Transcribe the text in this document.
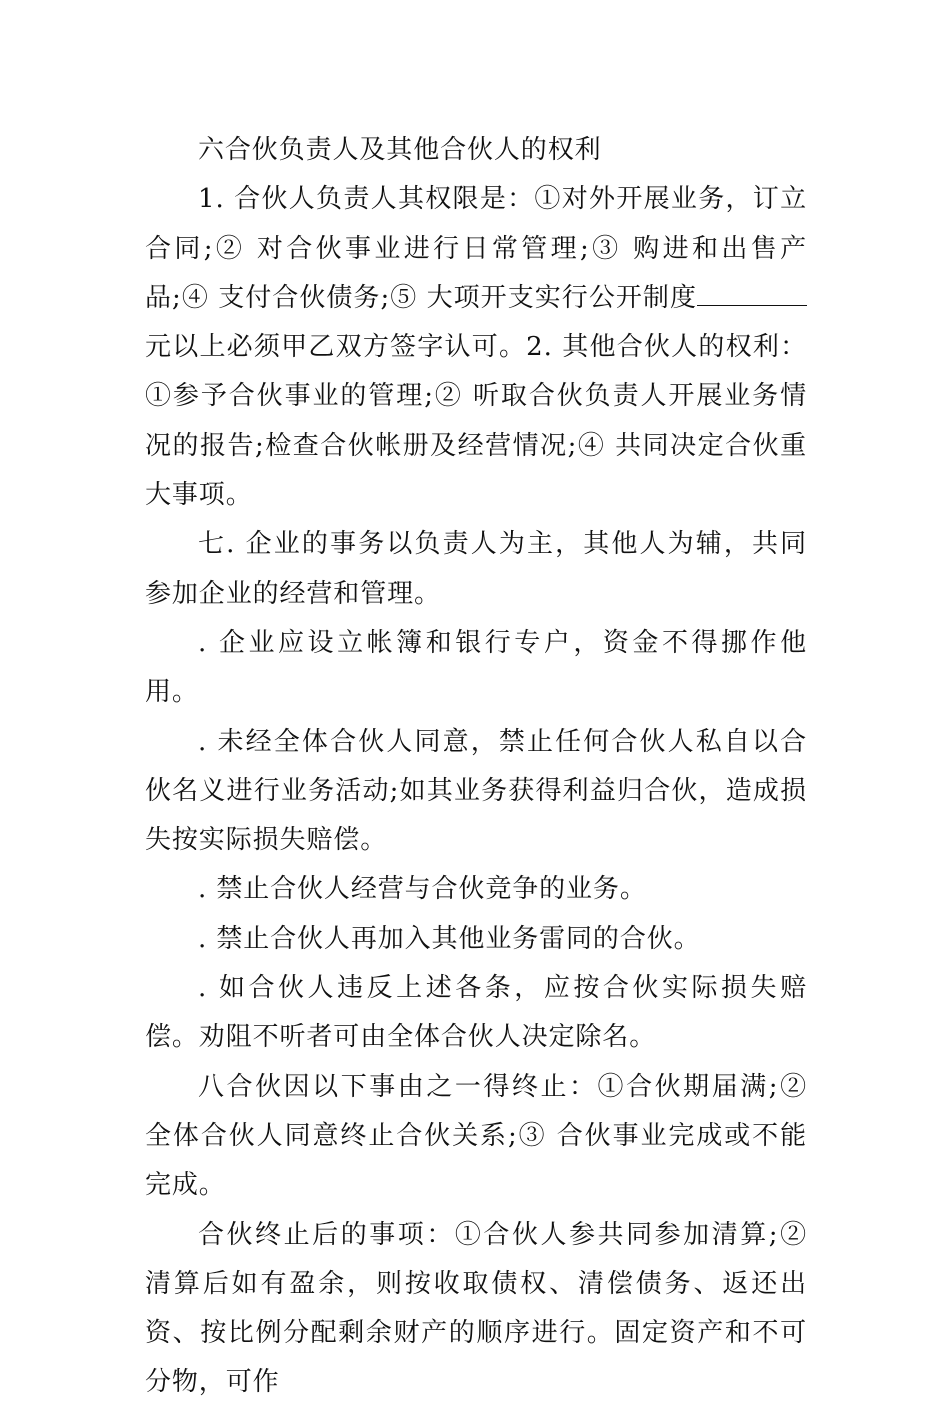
六合伙负责人及其他合伙人的权利

1. 合伙人负责人其权限是：①对外开展业务，订立合同;② 对合伙事业进行日常管理;③ 购进和出售产品;④ 支付合伙债务;⑤ 大项开支实行公开制度元以上必须甲乙双方签字认可。2. 其他合伙人的权利：①参予合伙事业的管理;② 听取合伙负责人开展业务情况的报告;检查合伙帐册及经营情况;④ 共同决定合伙重大事项。

七. 企业的事务以负责人为主，其他人为辅，共同参加企业的经营和管理。

. 企业应设立帐簿和银行专户，资金不得挪作他用。

. 未经全体合伙人同意，禁止任何合伙人私自以合伙名义进行业务活动;如其业务获得利益归合伙，造成损失按实际损失赔偿。

. 禁止合伙人经营与合伙竞争的业务。

. 禁止合伙人再加入其他业务雷同的合伙。

. 如合伙人违反上述各条，应按合伙实际损失赔偿。劝阻不听者可由全体合伙人决定除名。

八合伙因以下事由之一得终止：①合伙期届满;② 全体合伙人同意终止合伙关系;③ 合伙事业完成或不能完成。

合伙终止后的事项：①合伙人参共同参加清算;② 清算后如有盈余，则按收取债权、清偿债务、返还出资、按比例分配剩余财产的顺序进行。固定资产和不可分物，可作
